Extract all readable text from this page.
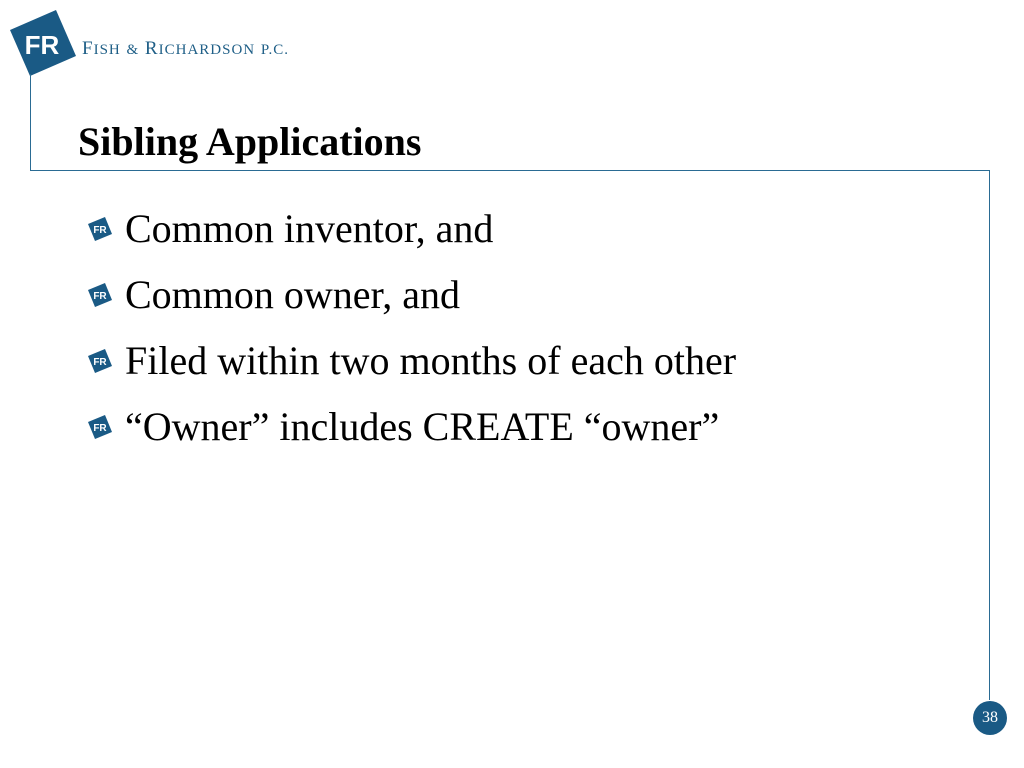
FR FISH & RICHARDSON P.C.
Sibling Applications
FR Common inventor, and
FR Common owner, and
FR Filed within two months of each other
FR “Owner” includes CREATE “owner”
38
